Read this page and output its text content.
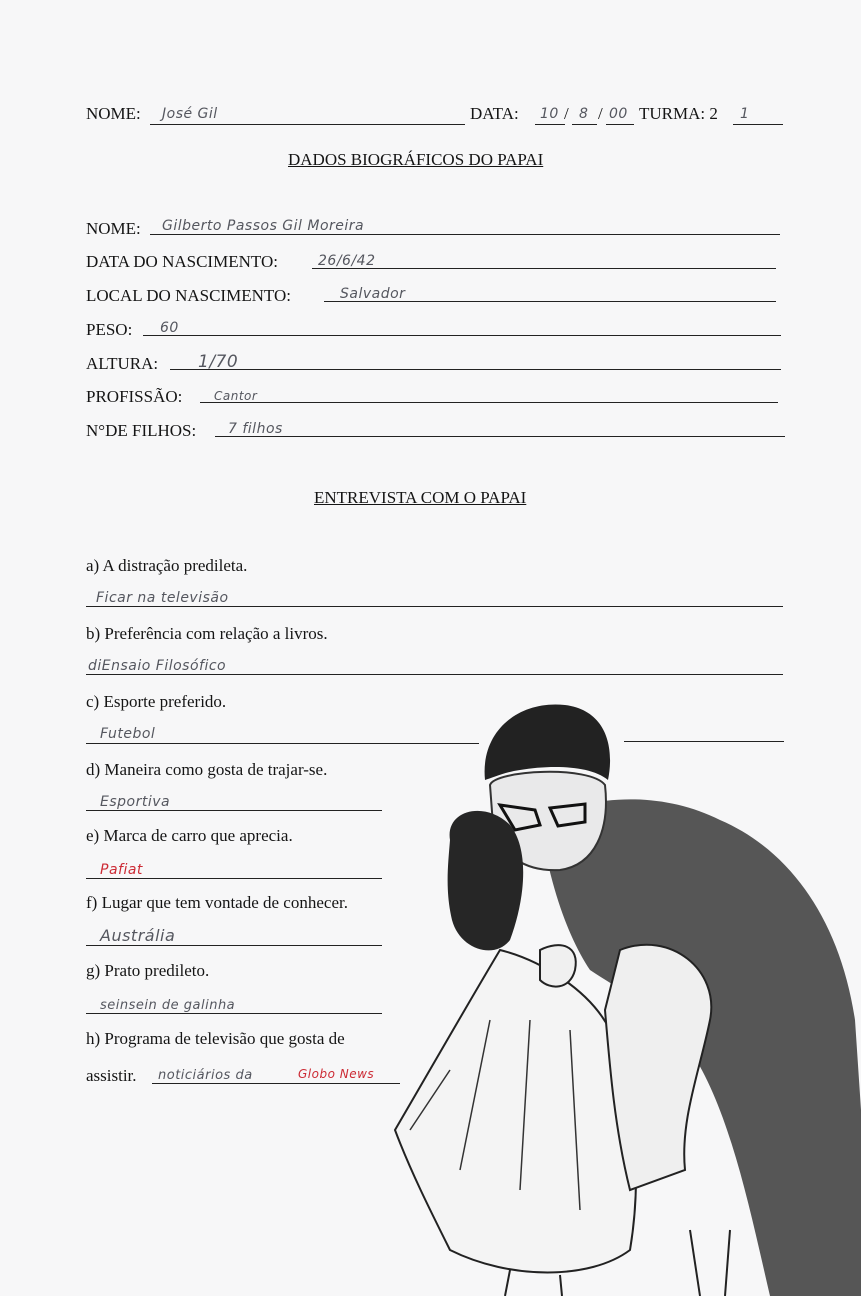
NOME: José Gil	DATA: 10 / 8 / 00 TURMA: 2 1
DADOS BIOGRÁFICOS DO PAPAI
NOME: Gilberto Passos Gil Moreira
DATA DO NASCIMENTO:	26/6/42
LOCAL DO NASCIMENTO:	Salvador
PESO: 60
ALTURA: 1/70
PROFISSÃO:	Cantor
N°DE FILHOS: 7 filhos
ENTREVISTA COM O PAPAI
a) A distração predileta.
Ficar na televisão
b) Preferência com relação a livros.
diEnsaio Filosófico
c) Esporte preferido.
Futebol
d) Maneira como gosta de trajar-se.
Esportiva
e) Marca de carro que aprecia.
Pafiat
f) Lugar que tem vontade de conhecer.
Austrália
g) Prato predileto.
seinsein de galinha
h) Programa de televisão que gosta de
assistir. noticiários da	Globo News
